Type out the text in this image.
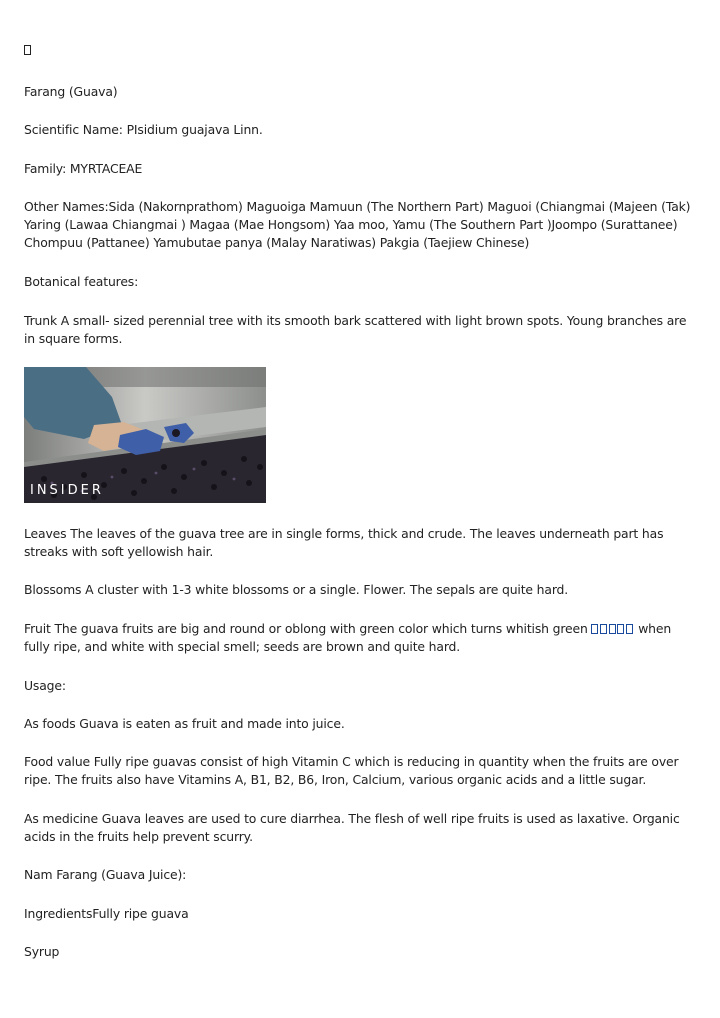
Farang (Guava)

Scientific Name: PIsidium guajava Linn.

Family: MYRTACEAE

Other Names:Sida (Nakornprathom) Maguoiga Mamuun (The Northern Part) Maguoi (Chiangmai (Majeen (Tak) Yaring (Lawaa Chiangmai ) Magaa (Mae Hongsom) Yaa moo, Yamu (The Southern Part )Joompo (Surattanee) Chompuu (Pattanee) Yamubutae panya (Malay Naratiwas) Pakgia (Taejiew Chinese)

Botanical features:

Trunk A small- sized perennial tree with its smooth bark scattered with light brown spots. Young branches are in square forms.

INSIDER

Leaves The leaves of the guava tree are in single forms, thick and crude. The leaves underneath part has streaks with soft yellowish hair.

Blossoms A cluster with 1-3 white blossoms or a single. Flower. The sepals are quite hard.

Fruit The guava fruits are big and round or oblong with green color which turns whitish green	when fully ripe, and white with special smell; seeds are brown and quite hard.

Usage:

As foods Guava is eaten as fruit and made into juice.

Food value Fully ripe guavas consist of high Vitamin C which is reducing in quantity when the fruits are over ripe. The fruits also have Vitamins A, B1, B2, B6, Iron, Calcium, various organic acids and a little sugar.

As medicine Guava leaves are used to cure diarrhea. The flesh of well ripe fruits is used as laxative. Organic acids in the fruits help prevent scurry.

Nam Farang (Guava Juice):

IngredientsFully ripe guava

Syrup
